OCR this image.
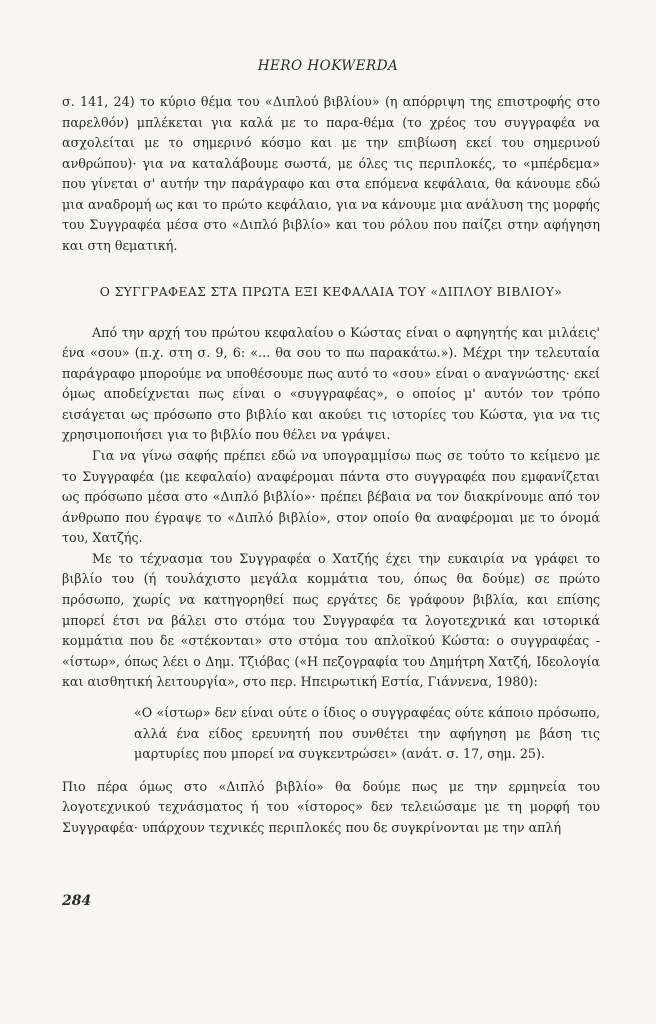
HERO HOKWERDA

σ. 141, 24) το κύριο θέμα του «Διπλού βιβλίου» (η απόρριψη της επιστροφής στο παρελθόν) μπλέκεται για καλά με το παρα-θέμα (το χρέος του συγγραφέα να ασχολείται με το σημερινό κόσμο και με την επιβίωση εκεί του σημερινού ανθρώπου)· για να καταλάβουμε σωστά, με όλες τις περιπλοκές, το «μπέρδεμα» που γίνεται σ' αυτήν την παράγραφο και στα επόμενα κεφάλαια, θα κάνουμε εδώ μια αναδρομή ως και το πρώτο κεφάλαιο, για να κάνουμε μια ανάλυση της μορφής του Συγγραφέα μέσα στο «Διπλό βιβλίο» και του ρόλου που παίζει στην αφήγηση και στη θεματική.

Ο ΣΥΓΓΡΑΦΕΑΣ ΣΤΑ ΠΡΩΤΑ ΕΞΙ ΚΕΦΑΛΑΙΑ ΤΟΥ «ΔΙΠΛΟΥ ΒΙΒΛΙΟΥ»

Από την αρχή του πρώτου κεφαλαίου ο Κώστας είναι ο αφηγητής και μιλάεις' ένα «σου» (π.χ. στη σ. 9, 6: «... θα σου το πω παρακάτω.»). Μέχρι την τελευταία παράγραφο μπορούμε να υποθέσουμε πως αυτό το «σου» είναι ο αναγνώστης· εκεί όμως αποδείχνεται πως είναι ο «συγγραφέας», ο οποίος μ' αυτόν τον τρόπο εισάγεται ως πρόσωπο στο βιβλίο και ακούει τις ιστορίες του Κώστα, για να τις χρησιμοποιήσει για το βιβλίο που θέλει να γράψει.

Για να γίνω σαφής πρέπει εδώ να υπογραμμίσω πως σε τούτο το κείμενο με το Συγγραφέα (με κεφαλαίο) αναφέρομαι πάντα στο συγγραφέα που εμφανίζεται ως πρόσωπο μέσα στο «Διπλό βιβλίο»· πρέπει βέβαια να τον διακρίνουμε από τον άνθρωπο που έγραψε το «Διπλό βιβλίο», στον οποίο θα αναφέρομαι με το όνομά του, Χατζής.

Με το τέχνασμα του Συγγραφέα ο Χατζής έχει την ευκαιρία να γράφει το βιβλίο του (ή τουλάχιστο μεγάλα κομμάτια του, όπως θα δούμε) σε πρώτο πρόσωπο, χωρίς να κατηγορηθεί πως εργάτες δε γράφουν βιβλία, και επίσης μπορεί έτσι να βάλει στο στόμα του Συγγραφέα τα λογοτεχνικά και ιστορικά κομμάτια που δε «στέκονται» στο στόμα του απλοϊκού Κώστα: ο συγγραφέας - «ίστωρ», όπως λέει ο Δημ. Τζιόβας («Η πεζογραφία του Δημήτρη Χατζή, Ιδεολογία και αισθητική λειτουργία», στο περ. Ηπειρωτική Εστία, Γιάννενα, 1980):

«Ο «ίστωρ» δεν είναι ούτε ο ίδιος ο συγγραφέας ούτε κάποιο πρόσωπο, αλλά ένα είδος ερευνητή που συνθέτει την αφήγηση με βάση τις μαρτυρίες που μπορεί να συγκεντρώσει» (ανάτ. σ. 17, σημ. 25).

Πιο πέρα όμως στο «Διπλό βιβλίο» θα δούμε πως με την ερμηνεία του λογοτεχνικού τεχνάσματος ή του «ίστορος» δεν τελειώσαμε με τη μορφή του Συγγραφέα· υπάρχουν τεχνικές περιπλοκές που δε συγκρίνονται με την απλή

284
